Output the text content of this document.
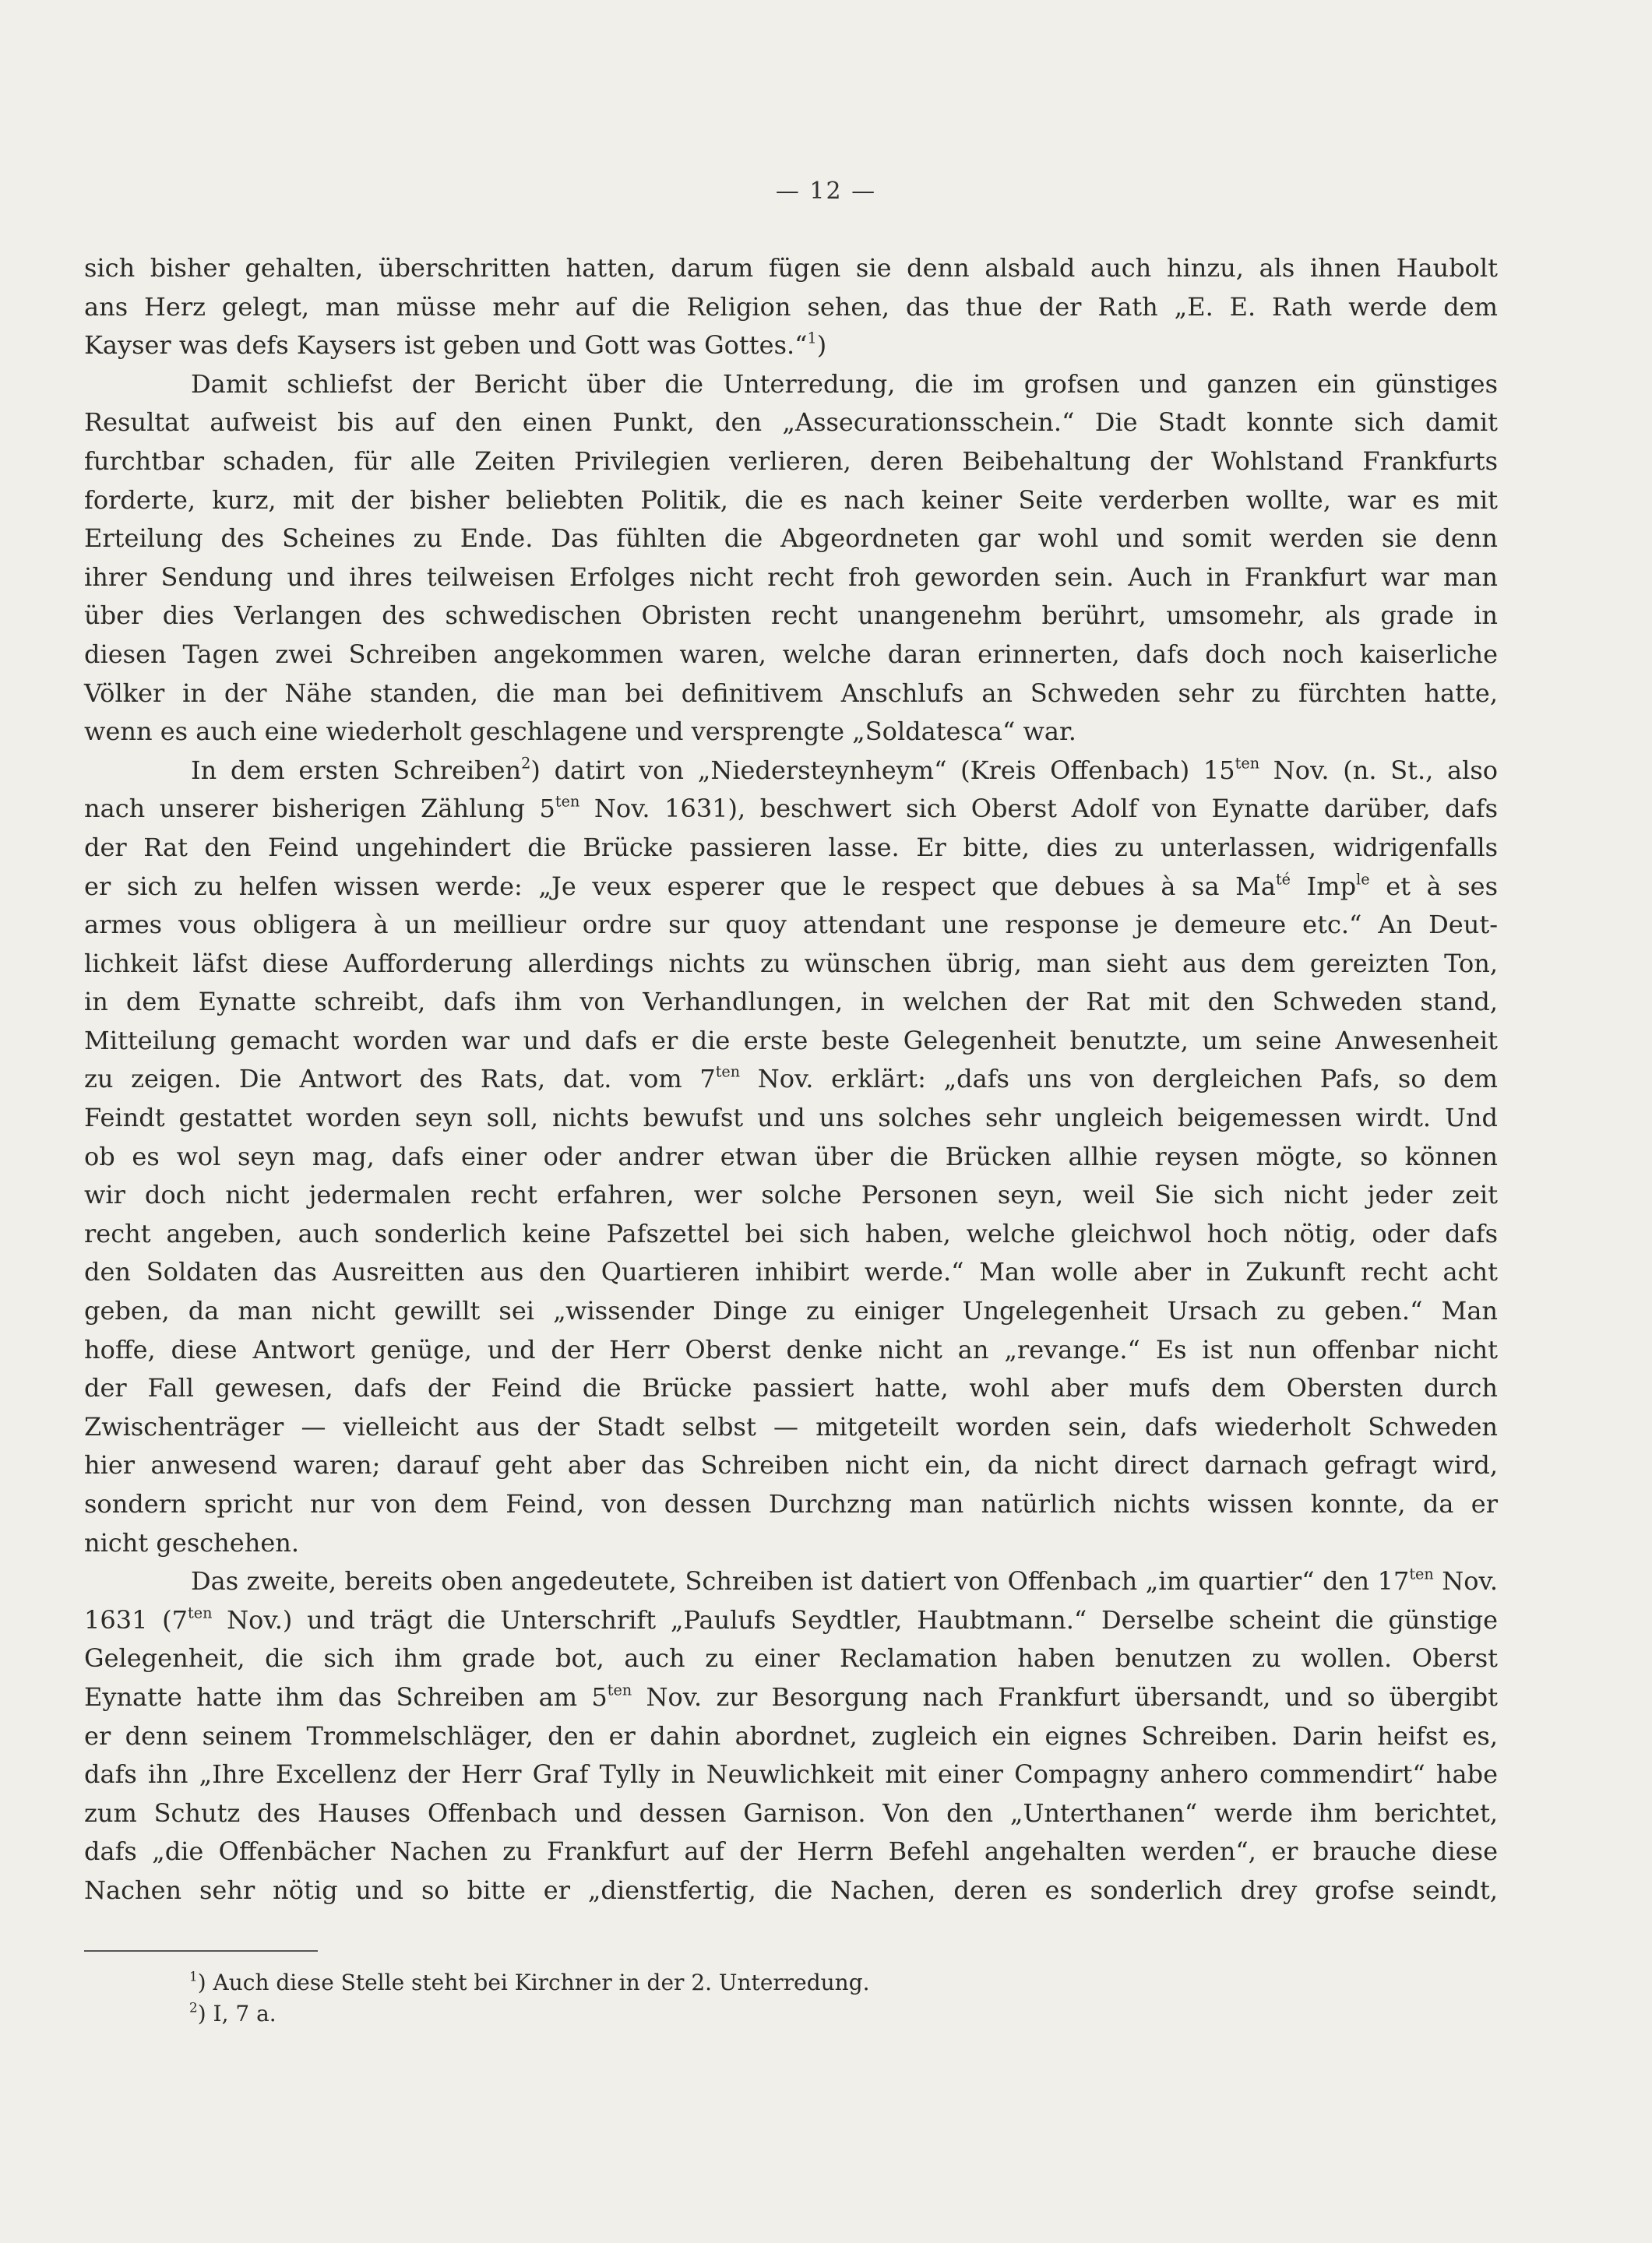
— 12 —

sich bisher gehalten, überschritten hatten, darum fügen sie denn alsbald auch hinzu, als ihnen Haubolt

ans Herz gelegt, man müsse mehr auf die Religion sehen, das thue der Rath „E. E. Rath werde dem

Kayser was defs Kaysers ist geben und Gott was Gottes.“$^1$)

Damit schliefst der Bericht über die Unterredung, die im grofsen und ganzen ein günstiges

Resultat aufweist bis auf den einen Punkt, den „Assecurationsschein.“ Die Stadt konnte sich damit

furchtbar schaden, für alle Zeiten Privilegien verlieren, deren Beibehaltung der Wohlstand Frankfurts

forderte, kurz, mit der bisher beliebten Politik, die es nach keiner Seite verderben wollte, war es mit

Erteilung des Scheines zu Ende. Das fühlten die Abgeordneten gar wohl und somit werden sie denn

ihrer Sendung und ihres teilweisen Erfolges nicht recht froh geworden sein. Auch in Frankfurt war man

über dies Verlangen des schwedischen Obristen recht unangenehm berührt, umsomehr, als grade in

diesen Tagen zwei Schreiben angekommen waren, welche daran erinnerten, dafs doch noch kaiserliche

Völker in der Nähe standen, die man bei definitivem Anschlufs an Schweden sehr zu fürchten hatte,

wenn es auch eine wiederholt geschlagene und versprengte „Soldatesca“ war.

In dem ersten Schreiben$^2$) datirt von „Niedersteynheym“ (Kreis Offenbach) $15^{ten}$ Nov. (n. St., also

nach unserer bisherigen Zählung $5^{ten}$ Nov. 1631), beschwert sich Oberst Adolf von Eynatte darüber, dafs

der Rat den Feind ungehindert die Brücke passieren lasse. Er bitte, dies zu unterlassen, widrigenfalls

er sich zu helfen wissen werde: „Je veux esperer que le respect que debues à sa $Ma^{té}$ Imp$^{le}$ et à ses

armes vous obligera à un meillieur ordre sur quoy attendant une response je demeure etc.“ An Deut-

lichkeit läfst diese Aufforderung allerdings nichts zu wünschen übrig, man sieht aus dem gereizten Ton,

in dem Eynatte schreibt, dafs ihm von Verhandlungen, in welchen der Rat mit den Schweden stand,

Mitteilung gemacht worden war und dafs er die erste beste Gelegenheit benutzte, um seine Anwesenheit

zu zeigen. Die Antwort des Rats, dat. vom $7^{ten}$ Nov. erklärt: „dafs uns von dergleichen Pafs, so dem

Feindt gestattet worden seyn soll, nichts bewufst und uns solches sehr ungleich beigemessen wirdt. Und

ob es wol seyn mag, dafs einer oder andrer etwan über die Brücken allhie reysen mögte, so können

wir doch nicht jedermalen recht erfahren, wer solche Personen seyn, weil Sie sich nicht jeder zeit

recht angeben, auch sonderlich keine Pafszettel bei sich haben, welche gleichwol hoch nötig, oder dafs

den Soldaten das Ausreitten aus den Quartieren inhibirt werde.“ Man wolle aber in Zukunft recht acht

geben, da man nicht gewillt sei „wissender Dinge zu einiger Ungelegenheit Ursach zu geben.“ Man

hoffe, diese Antwort genüge, und der Herr Oberst denke nicht an „revange.“ Es ist nun offenbar nicht

der Fall gewesen, dafs der Feind die Brücke passiert hatte, wohl aber mufs dem Obersten durch

Zwischenträger — vielleicht aus der Stadt selbst — mitgeteilt worden sein, dafs wiederholt Schweden

hier anwesend waren; darauf geht aber das Schreiben nicht ein, da nicht direct darnach gefragt wird,

sondern spricht nur von dem Feind, von dessen Durchzng man natürlich nichts wissen konnte, da er

nicht geschehen.

Das zweite, bereits oben angedeutete, Schreiben ist datiert von Offenbach „im quartier“ den $17^{ten}$ Nov.

1631 ($7^{ten}$ Nov.) und trägt die Unterschrift „Paulufs Seydtler, Haubtmann.“ Derselbe scheint die günstige

Gelegenheit, die sich ihm grade bot, auch zu einer Reclamation haben benutzen zu wollen. Oberst

Eynatte hatte ihm das Schreiben am $5^{ten}$ Nov. zur Besorgung nach Frankfurt übersandt, und so übergibt

er denn seinem Trommelschläger, den er dahin abordnet, zugleich ein eignes Schreiben. Darin heifst es,

dafs ihn „Ihre Excellenz der Herr Graf Tylly in Neuwlichkeit mit einer Compagny anhero commendirt“ habe

zum Schutz des Hauses Offenbach und dessen Garnison. Von den „Unterthanen“ werde ihm berichtet,

dafs „die Offenbächer Nachen zu Frankfurt auf der Herrn Befehl angehalten werden“, er brauche diese

Nachen sehr nötig und so bitte er „dienstfertig, die Nachen, deren es sonderlich drey grofse seindt,

$^1$) Auch diese Stelle steht bei Kirchner in der 2. Unterredung.

$^2$) I, 7 a.
